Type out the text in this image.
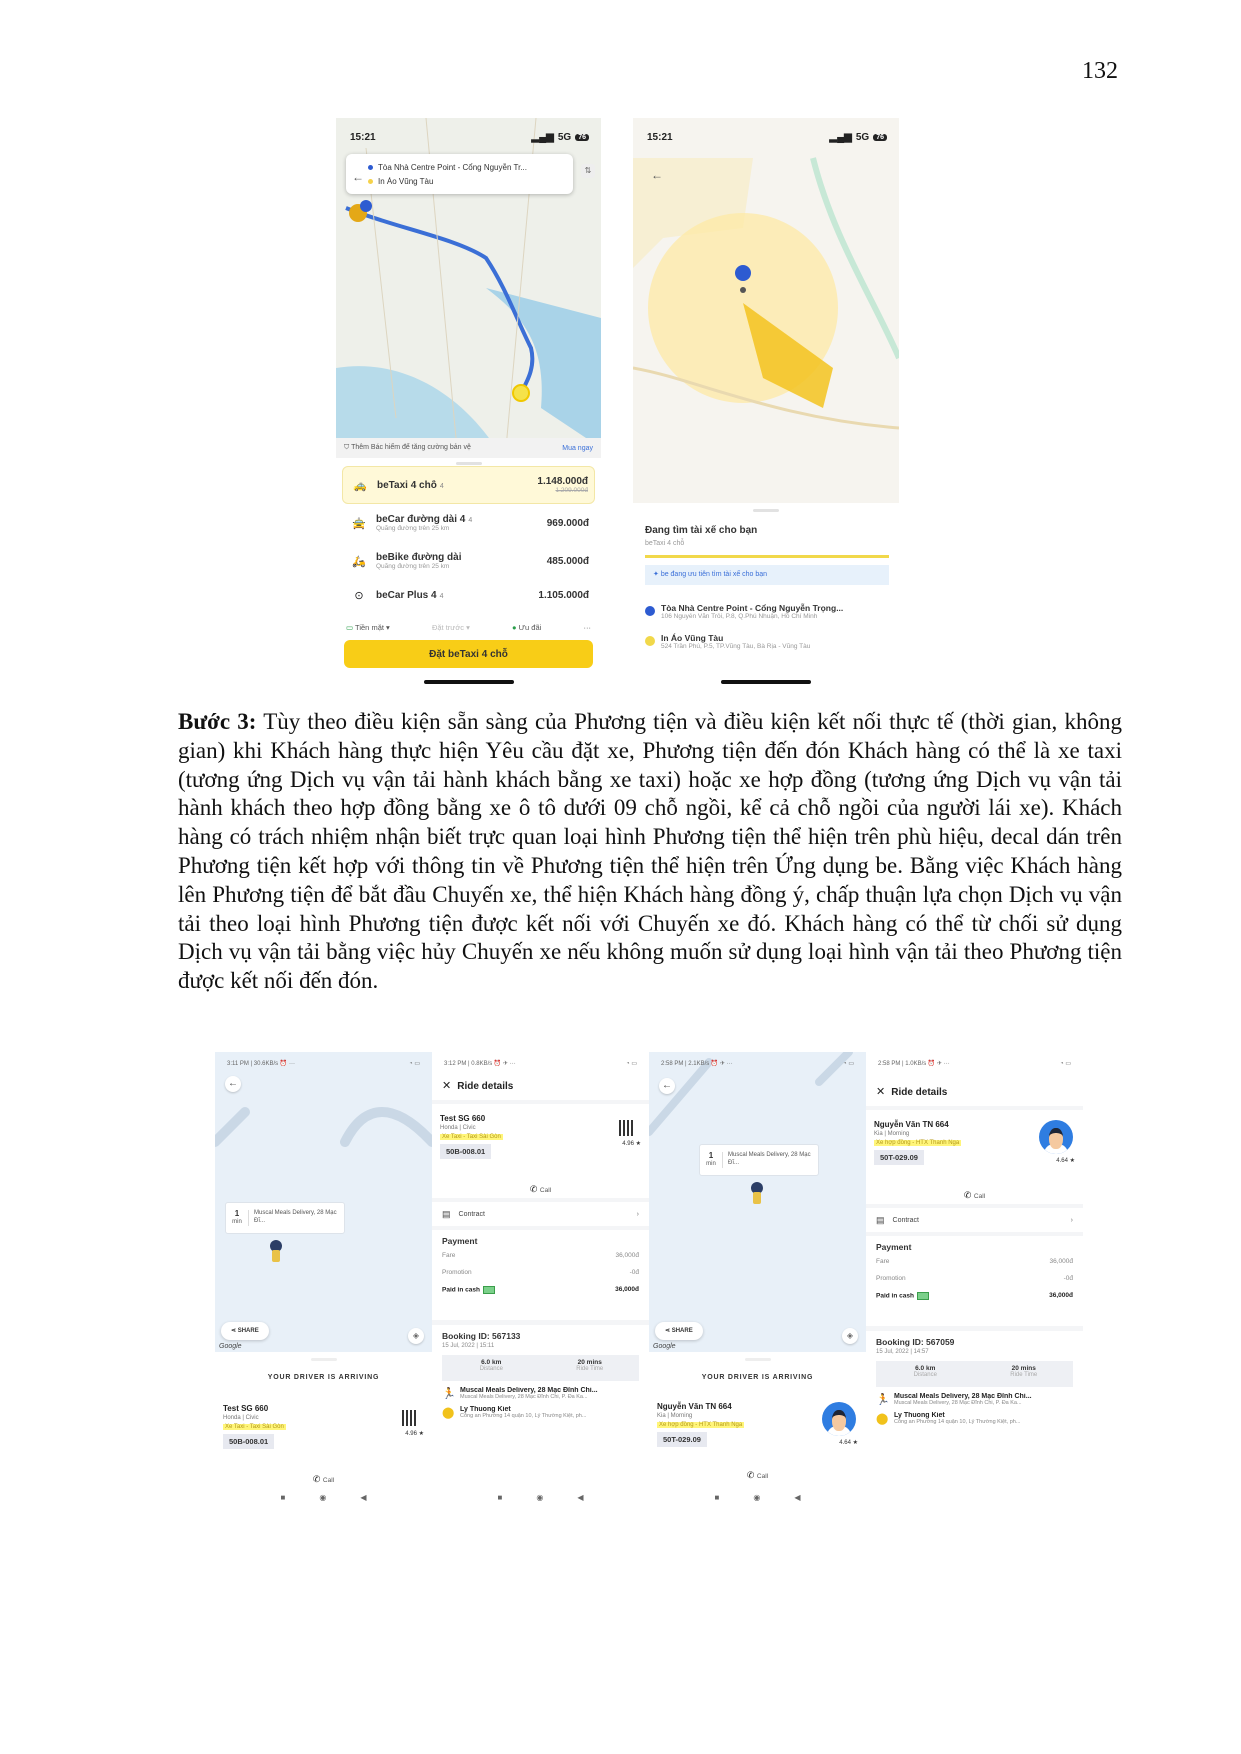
132
15:21	▂▄▆ 5G	76
←
Tòa Nhà Centre Point - Cổng Nguyễn Tr...
In Áo Vũng Tàu
⇅
⛉ Thêm Bác hiểm để tăng cường bản vệ	Mua ngay
🚕	beTaxi 4 chỗ 4	1.148.000đ
1.209.000đ
🚖	beCar đường dài 4 4
Quãng đường trên 25 km	969.000đ
🛵	beBike đường dài
Quãng đường trên 25 km	485.000đ
⊙	beCar Plus 4 4	1.105.000đ
▭ Tiền mặt ▾	Đặt trước ▾	● Ưu đãi	···
Đặt beTaxi 4 chỗ
←
15:21	▂▄▆ 5G	76
Đang tìm tài xế cho bạn
beTaxi 4 chỗ
✦ be đang ưu tiên tìm tài xế cho bạn
Tòa Nhà Centre Point - Cổng Nguyễn Trọng...
106 Nguyễn Văn Trỗi, P.8, Q.Phú Nhuận, Hồ Chí Minh
In Áo Vũng Tàu
524 Trần Phú, P.5, TP.Vũng Tàu, Bà Rịa - Vũng Tàu

Bước 3: Tùy theo điều kiện sẵn sàng của Phương tiện và điều kiện kết nối thực tế (thời gian, không gian) khi Khách hàng thực hiện Yêu cầu đặt xe, Phương tiện đến đón Khách hàng có thể là xe taxi (tương ứng Dịch vụ vận tải hành khách bằng xe taxi) hoặc xe hợp đồng (tương ứng Dịch vụ vận tải hành khách theo hợp đồng bằng xe ô tô dưới 09 chỗ ngồi, kể cả chỗ ngồi của người lái xe). Khách hàng có trách nhiệm nhận biết trực quan loại hình Phương tiện thể hiện trên phù hiệu, decal dán trên Phương tiện kết hợp với thông tin về Phương tiện thể hiện trên Ứng dụng be. Bằng việc Khách hàng lên Phương tiện để bắt đầu Chuyến xe, thể hiện Khách hàng đồng ý, chấp thuận lựa chọn Dịch vụ vận tải theo loại hình Phương tiện được kết nối với Chuyến xe đó. Khách hàng có thể từ chối sử dụng Dịch vụ vận tải bằng việc hủy Chuyến xe nếu không muốn sử dụng loại hình vận tải theo Phương tiện được kết nối đến đón.

3:11 PM | 30.6KB/s ⏰ ···	◔ ▭
←
1
min
Muscal Meals Delivery, 28 Mạc Đĩ...
⋖ SHARE
Google
◈
YOUR DRIVER IS ARRIVING
Test SG 660
Honda | Civic
Xe Taxi - Taxi Sài Gòn
50B-008.01
4.96 ★
✆ Call
■	◉	◀
3:12 PM | 0.8KB/s ⏰ ✈ ···	◔ ▭
✕ Ride details
Test SG 660
Honda | Civic
Xe Taxi - Taxi Sài Gòn
50B-008.01
4.96 ★
✆ Call
▤ Contract	›
Payment
Fare	36,000đ
Promotion	-0đ
Paid in cash	36,000đ
Booking ID: 567133
15 Jul, 2022 | 15:11
6.0 km
Distance
20 mins
Ride Time
🏃 Muscal Meals Delivery, 28 Mạc Đĩnh Chi...
Muscal Meals Delivery, 28 Mạc Đĩnh Chi, P. Đa Ka...
⬤ Ly Thuong Kiet
Công an Phường 14 quận 10, Lý Thường Kiệt, ph...
■	◉	◀
2:58 PM | 2.1KB/s ⏰ ✈ ···	◔ ▭
←
1
min
Muscal Meals Delivery, 28 Mạc Đĩ...
⋖ SHARE
Google
◈
YOUR DRIVER IS ARRIVING
Nguyễn Văn TN 664
Kia | Morning
Xe hợp đồng - HTX Thanh Nga
50T-029.09	4.64 ★
✆ Call
■	◉	◀
2:58 PM | 1.0KB/s ⏰ ✈ ···	◔ ▭
✕ Ride details
Nguyễn Văn TN 664
Kia | Morning
Xe hợp đồng - HTX Thanh Nga
50T-029.09	4.64 ★
✆ Call
▤ Contract	›
Payment
Fare	36,000đ
Promotion	-0đ
Paid in cash	36,000đ
Booking ID: 567059
15 Jul, 2022 | 14:57
6.0 km
Distance
20 mins
Ride Time
🏃 Muscal Meals Delivery, 28 Mạc Đĩnh Chi...
Muscal Meals Delivery, 28 Mạc Đĩnh Chi, P. Đa Ka...
⬤ Ly Thuong Kiet
Công an Phường 14 quận 10, Lý Thường Kiệt, ph...
